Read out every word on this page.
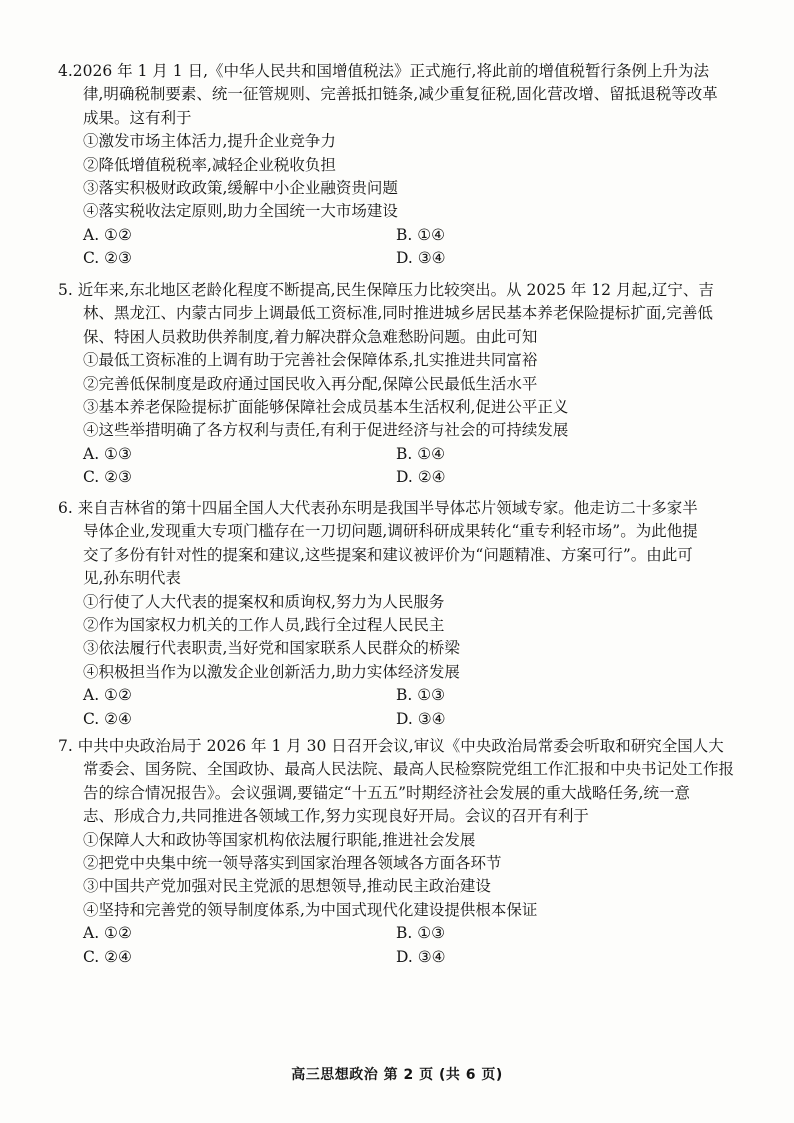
4.2026 年 1 月 1 日,《中华人民共和国增值税法》正式施行,将此前的增值税暂行条例上升为法
律,明确税制要素、统一征管规则、完善抵扣链条,减少重复征税,固化营改增、留抵退税等改革
成果。这有利于
①激发市场主体活力,提升企业竞争力
②降低增值税税率,减轻企业税收负担
③落实积极财政政策,缓解中小企业融资贵问题
④落实税收法定原则,助力全国统一大市场建设
A. ①②	B. ①④
C. ②③	D. ③④
5. 近年来,东北地区老龄化程度不断提高,民生保障压力比较突出。从 2025 年 12 月起,辽宁、吉
林、黑龙江、内蒙古同步上调最低工资标准,同时推进城乡居民基本养老保险提标扩面,完善低
保、特困人员救助供养制度,着力解决群众急难愁盼问题。由此可知
①最低工资标准的上调有助于完善社会保障体系,扎实推进共同富裕
②完善低保制度是政府通过国民收入再分配,保障公民最低生活水平
③基本养老保险提标扩面能够保障社会成员基本生活权利,促进公平正义
④这些举措明确了各方权利与责任,有利于促进经济与社会的可持续发展
A. ①③	B. ①④
C. ②③	D. ②④
6. 来自吉林省的第十四届全国人大代表孙东明是我国半导体芯片领域专家。他走访二十多家半
导体企业,发现重大专项门槛存在一刀切问题,调研科研成果转化“重专利轻市场”。为此他提
交了多份有针对性的提案和建议,这些提案和建议被评价为“问题精准、方案可行”。由此可
见,孙东明代表
①行使了人大代表的提案权和质询权,努力为人民服务
②作为国家权力机关的工作人员,践行全过程人民民主
③依法履行代表职责,当好党和国家联系人民群众的桥梁
④积极担当作为以激发企业创新活力,助力实体经济发展
A. ①②	B. ①③
C. ②④	D. ③④
7. 中共中央政治局于 2026 年 1 月 30 日召开会议,审议《中央政治局常委会听取和研究全国人大
常委会、国务院、全国政协、最高人民法院、最高人民检察院党组工作汇报和中央书记处工作报
告的综合情况报告》。会议强调,要锚定“十五五”时期经济社会发展的重大战略任务,统一意
志、形成合力,共同推进各领域工作,努力实现良好开局。会议的召开有利于
①保障人大和政协等国家机构依法履行职能,推进社会发展
②把党中央集中统一领导落实到国家治理各领域各方面各环节
③中国共产党加强对民主党派的思想领导,推动民主政治建设
④坚持和完善党的领导制度体系,为中国式现代化建设提供根本保证
A. ①②	B. ①③
C. ②④	D. ③④
高三思想政治 第 2 页 (共 6 页)
